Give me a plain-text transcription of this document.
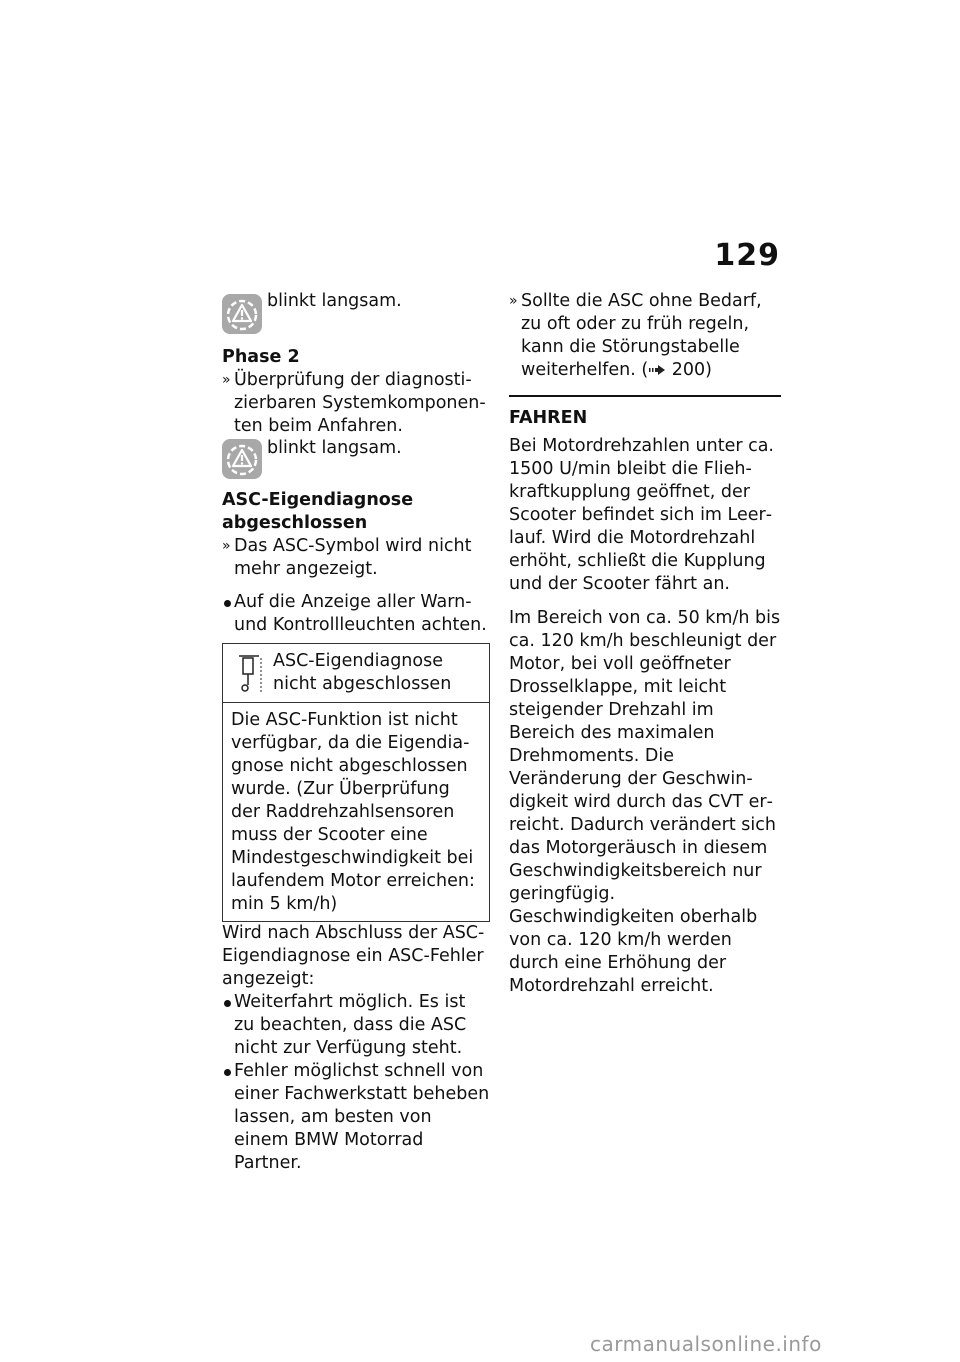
129
blinkt langsam.
Phase 2
» Überprüfung der diagnostizierbaren Systemkomponenten beim Anfahren.
blinkt langsam.
ASC-Eigendiagnose
abgeschlossen
» Das ASC-Symbol wird nicht mehr angezeigt.
Auf die Anzeige aller Warn- und Kontrollleuchten achten.
ASC-Eigendiagnose nicht abgeschlossen
Die ASC-Funktion ist nicht verfügbar, da die Eigendiagnose nicht abgeschlossen wurde. (Zur Überprüfung der Raddrehzahlsensoren muss der Scooter eine Mindestgeschwindigkeit bei laufendem Motor erreichen: min 5 km/h)
Wird nach Abschluss der ASC-Eigendiagnose ein ASC-Fehler angezeigt:
Weiterfahrt möglich. Es ist zu beachten, dass die ASC nicht zur Verfügung steht.
Fehler möglichst schnell von einer Fachwerkstatt beheben lassen, am besten von einem BMW Motorrad Partner.
» Sollte die ASC ohne Bedarf, zu oft oder zu früh regeln, kann die Störungstabelle weiterhelfen. ( 200)
FAHREN
Bei Motordrehzahlen unter ca. 1500 U/min bleibt die Fliehkraftkupplung geöffnet, der Scooter befindet sich im Leerlauf. Wird die Motordrehzahl erhöht, schließt die Kupplung und der Scooter fährt an.
Im Bereich von ca. 50 km/h bis ca. 120 km/h beschleunigt der Motor, bei voll geöffneter Drosselklappe, mit leicht steigender Drehzahl im Bereich des maximalen Drehmoments. Die Veränderung der Geschwindigkeit wird durch das CVT erreicht. Dadurch verändert sich das Motorgeräusch in diesem Geschwindigkeitsbereich nur geringfügig.
Geschwindigkeiten oberhalb von ca. 120 km/h werden durch eine Erhöhung der Motordrehzahl erreicht.
carmanualsonline.info
